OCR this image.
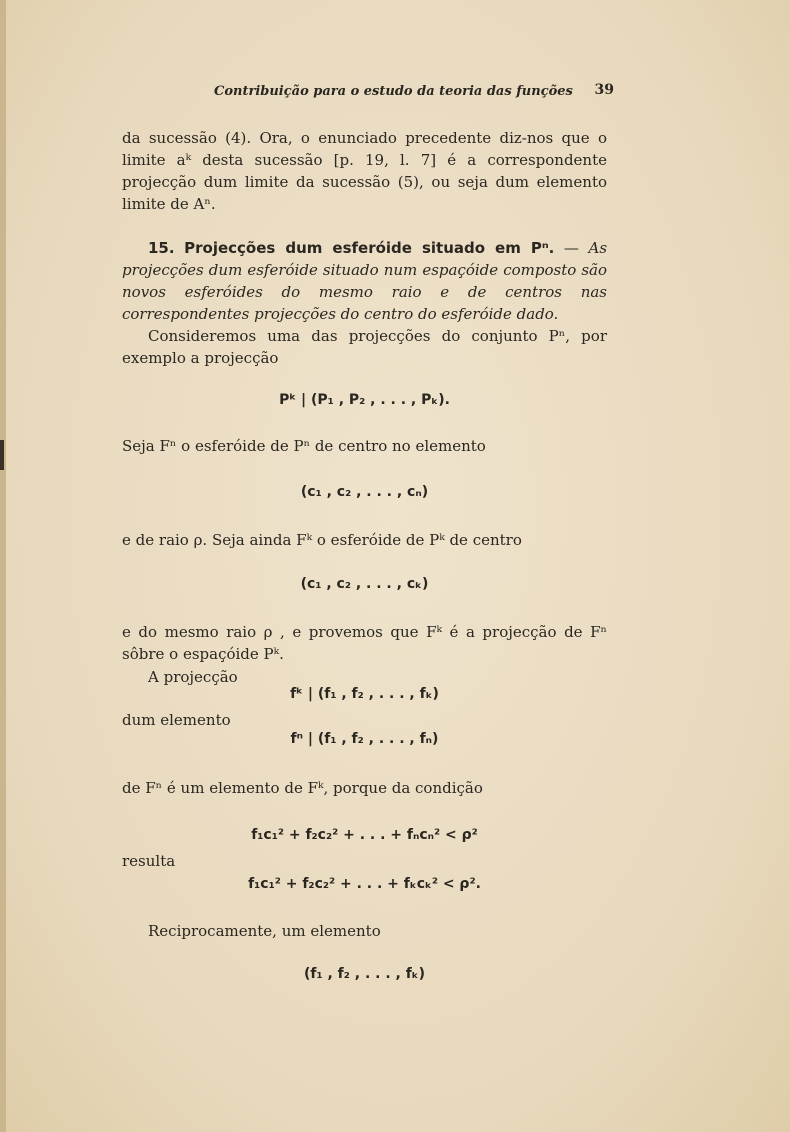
Contribuição para o estudo da teoria das funções 39

da sucessão (4). Ora, o enunciado precedente diz-nos que o limite aᵏ desta sucessão [p. 19, l. 7] é a correspondente projecção dum limite da sucessão (5), ou seja dum elemento limite de Aⁿ.

15. Projecções dum esferóide situado em Pⁿ. — As projecções dum esferóide situado num espaçóide composto são novos esferóides do mesmo raio e de centros nas correspondentes projecções do centro do esferóide dado.

Consideremos uma das projecções do conjunto Pⁿ, por exemplo a projecção

Pᵏ | (P₁ , P₂ , . . . , Pₖ).

Seja Fⁿ o esferóide de Pⁿ de centro no elemento

(c₁ , c₂ , . . . , cₙ)

e de raio ρ. Seja ainda Fᵏ o esferóide de Pᵏ de centro

(c₁ , c₂ , . . . , cₖ)

e do mesmo raio ρ , e provemos que Fᵏ é a projecção de Fⁿ sôbre o espaçóide Pᵏ.

A projecção

fᵏ | (f₁ , f₂ , . . . , fₖ)

dum elemento

fⁿ | (f₁ , f₂ , . . . , fₙ)

de Fⁿ é um elemento de Fᵏ, porque da condição

f₁c₁² + f₂c₂² + . . . + fₙcₙ² < ρ²

resulta

f₁c₁² + f₂c₂² + . . . + fₖcₖ² < ρ².

Reciprocamente, um elemento

(f₁ , f₂ , . . . , fₖ)
